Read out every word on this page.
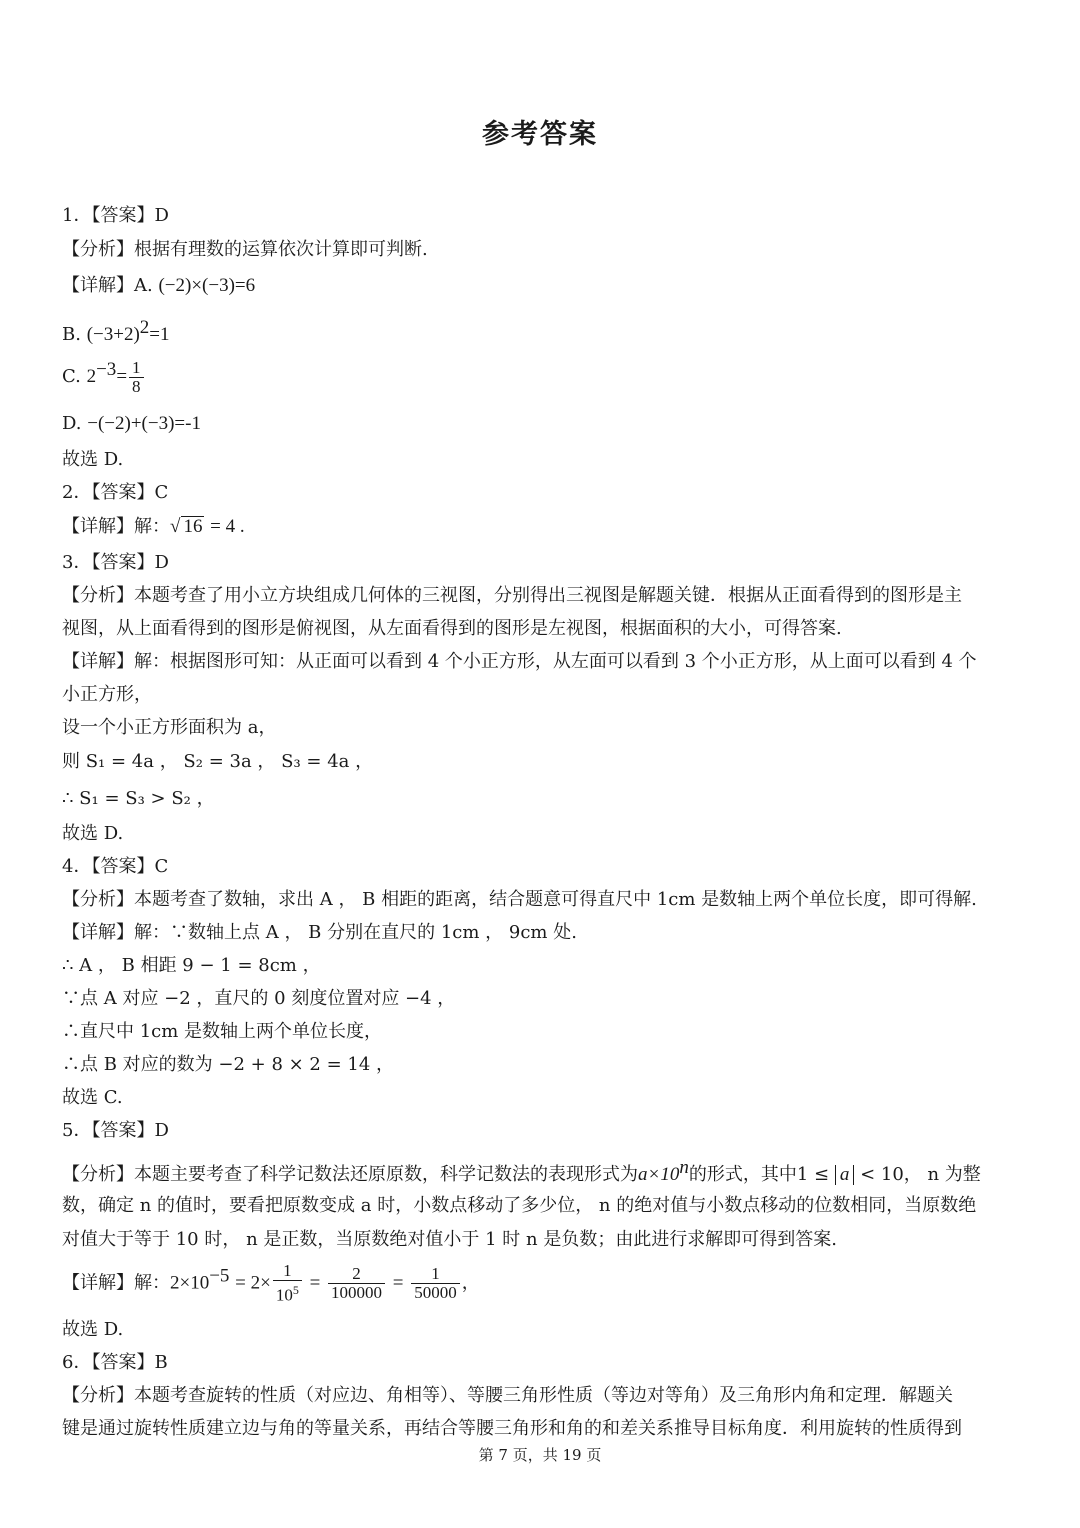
参考答案
1．【答案】D
【分析】根据有理数的运算依次计算即可判断.
【详解】A. (−2)×(−3)=6
B. $(-3+2)^2=1$
C. $2^{-3}= \frac{1}{8}$
D. −(−2)+(−3)=-1
故选 D.
2．【答案】C
【详解】解：√ 16 = 4 .
3．【答案】D
【分析】本题考查了用小立方块组成几何体的三视图，分别得出三视图是解题关键．根据从正面看得到的图形是主
视图，从上面看得到的图形是俯视图，从左面看得到的图形是左视图，根据面积的大小，可得答案.
【详解】解：根据图形可知：从正面可以看到 4 个小正方形，从左面可以看到 3 个小正方形，从上面可以看到 4 个
小正方形，
设一个小正方形面积为 a，
则 S₁ = 4a ， S₂ = 3a ， S₃ = 4a ，
∴ S₁ = S₃ > S₂ ，
故选 D.
4．【答案】C
【分析】本题考查了数轴，求出 A ， B 相距的距离，结合题意可得直尺中 1cm 是数轴上两个单位长度，即可得解.
【详解】解：∵数轴上点 A ， B 分别在直尺的 1cm ， 9cm 处.
∴ A ， B 相距 9 − 1 = 8cm ，
∵点 A 对应 −2 ，直尺的 0 刻度位置对应 −4 ，
∴直尺中 1cm 是数轴上两个单位长度，
∴点 B 对应的数为 −2 + 8 × 2 = 14 ，
故选 C.
5．【答案】D
【分析】本题主要考查了科学记数法还原原数，科学记数法的表现形式为$a\times 10^n$的形式，其中1 ≤ a < 10， n 为整
数，确定 n 的值时，要看把原数变成 a 时，小数点移动了多少位， n 的绝对值与小数点移动的位数相同，当原数绝
对值大于等于 10 时， n 是正数，当原数绝对值小于 1 时 n 是负数；由此进行求解即可得到答案.
【详解】解：$2\times 10^{-5} = 2\times \frac{1}{10^5} = \frac{2}{100000} = \frac{1}{50000}$ ，
故选 D.
6．【答案】B
【分析】本题考查旋转的性质（对应边、角相等）、等腰三角形性质（等边对等角）及三角形内角和定理．解题关
键是通过旋转性质建立边与角的等量关系，再结合等腰三角形和角的和差关系推导目标角度．利用旋转的性质得到
第 7 页，共 19 页
